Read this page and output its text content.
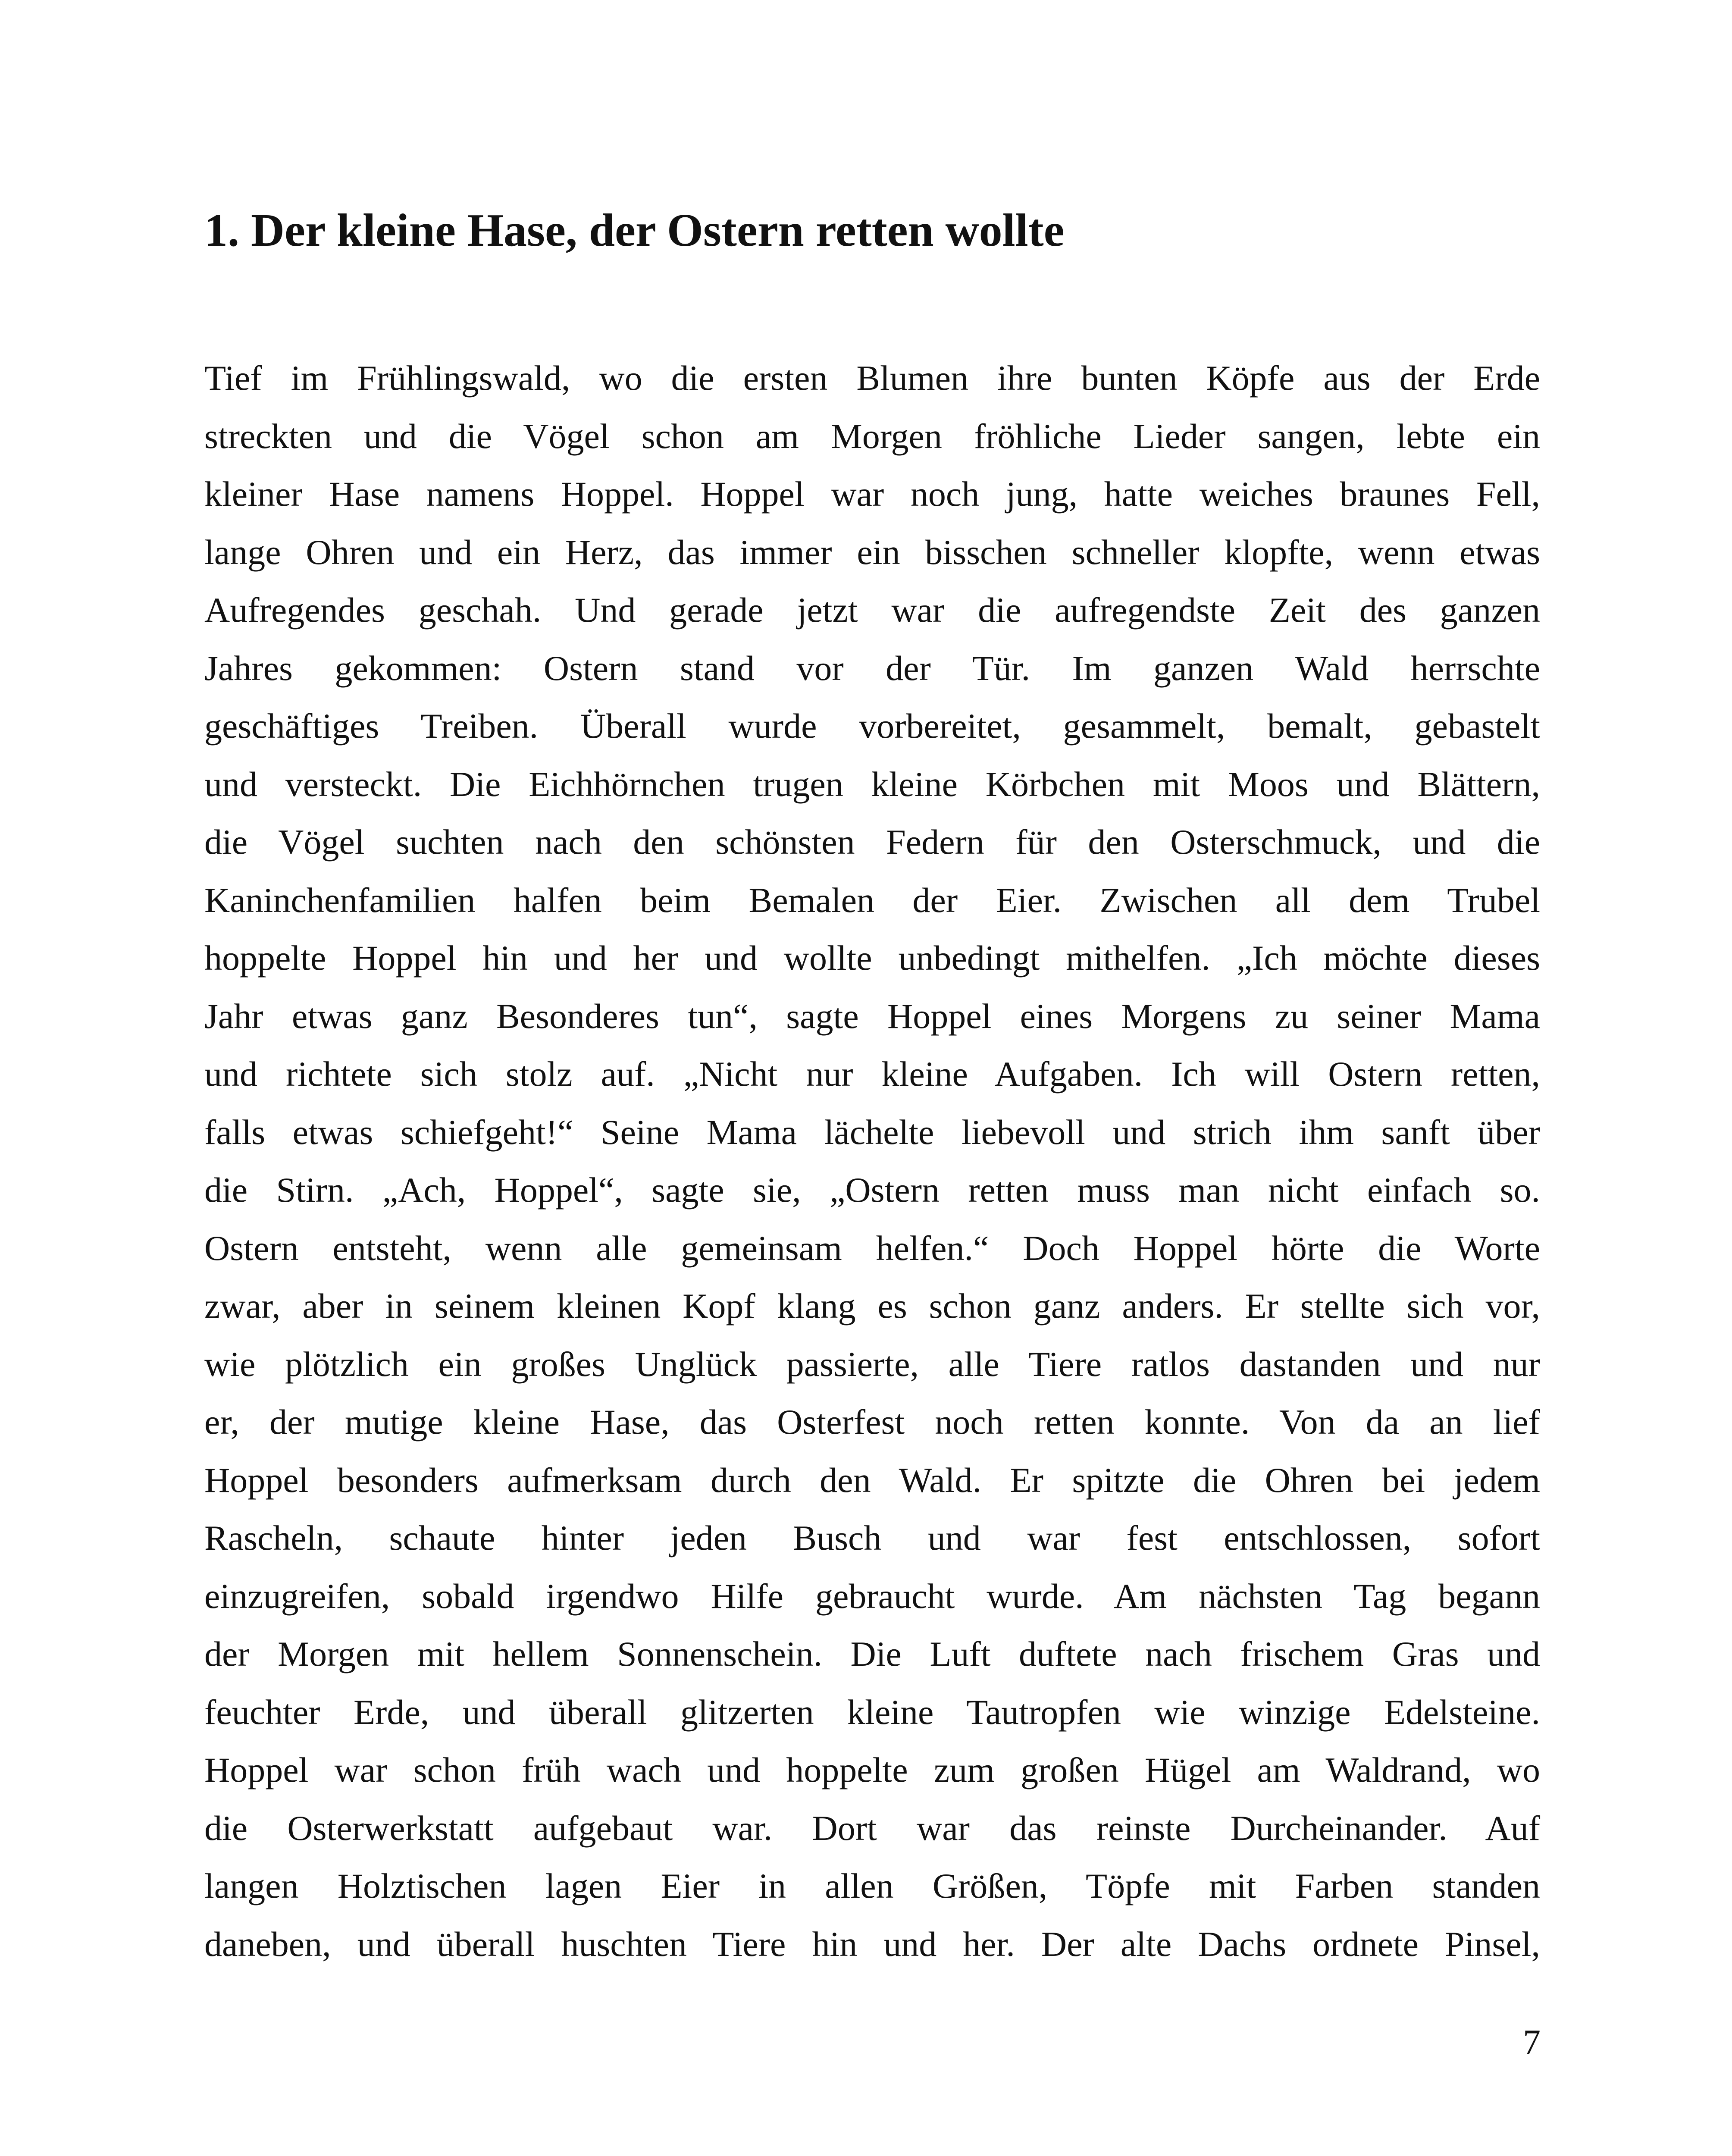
1. Der kleine Hase, der Ostern retten wollte
Tief im Frühlingswald, wo die ersten Blumen ihre bunten Köpfe aus der Erde
streckten und die Vögel schon am Morgen fröhliche Lieder sangen, lebte ein
kleiner Hase namens Hoppel. Hoppel war noch jung, hatte weiches braunes Fell,
lange Ohren und ein Herz, das immer ein bisschen schneller klopfte, wenn etwas
Aufregendes geschah. Und gerade jetzt war die aufregendste Zeit des ganzen
Jahres gekommen: Ostern stand vor der Tür. Im ganzen Wald herrschte
geschäftiges Treiben. Überall wurde vorbereitet, gesammelt, bemalt, gebastelt
und versteckt. Die Eichhörnchen trugen kleine Körbchen mit Moos und Blättern,
die Vögel suchten nach den schönsten Federn für den Osterschmuck, und die
Kaninchenfamilien halfen beim Bemalen der Eier. Zwischen all dem Trubel
hoppelte Hoppel hin und her und wollte unbedingt mithelfen. „Ich möchte dieses
Jahr etwas ganz Besonderes tun“, sagte Hoppel eines Morgens zu seiner Mama
und richtete sich stolz auf. „Nicht nur kleine Aufgaben. Ich will Ostern retten,
falls etwas schiefgeht!“ Seine Mama lächelte liebevoll und strich ihm sanft über
die Stirn. „Ach, Hoppel“, sagte sie, „Ostern retten muss man nicht einfach so.
Ostern entsteht, wenn alle gemeinsam helfen.“ Doch Hoppel hörte die Worte
zwar, aber in seinem kleinen Kopf klang es schon ganz anders. Er stellte sich vor,
wie plötzlich ein großes Unglück passierte, alle Tiere ratlos dastanden und nur
er, der mutige kleine Hase, das Osterfest noch retten konnte. Von da an lief
Hoppel besonders aufmerksam durch den Wald. Er spitzte die Ohren bei jedem
Rascheln, schaute hinter jeden Busch und war fest entschlossen, sofort
einzugreifen, sobald irgendwo Hilfe gebraucht wurde. Am nächsten Tag begann
der Morgen mit hellem Sonnenschein. Die Luft duftete nach frischem Gras und
feuchter Erde, und überall glitzerten kleine Tautropfen wie winzige Edelsteine.
Hoppel war schon früh wach und hoppelte zum großen Hügel am Waldrand, wo
die Osterwerkstatt aufgebaut war. Dort war das reinste Durcheinander. Auf
langen Holztischen lagen Eier in allen Größen, Töpfe mit Farben standen
daneben, und überall huschten Tiere hin und her. Der alte Dachs ordnete Pinsel,
7
